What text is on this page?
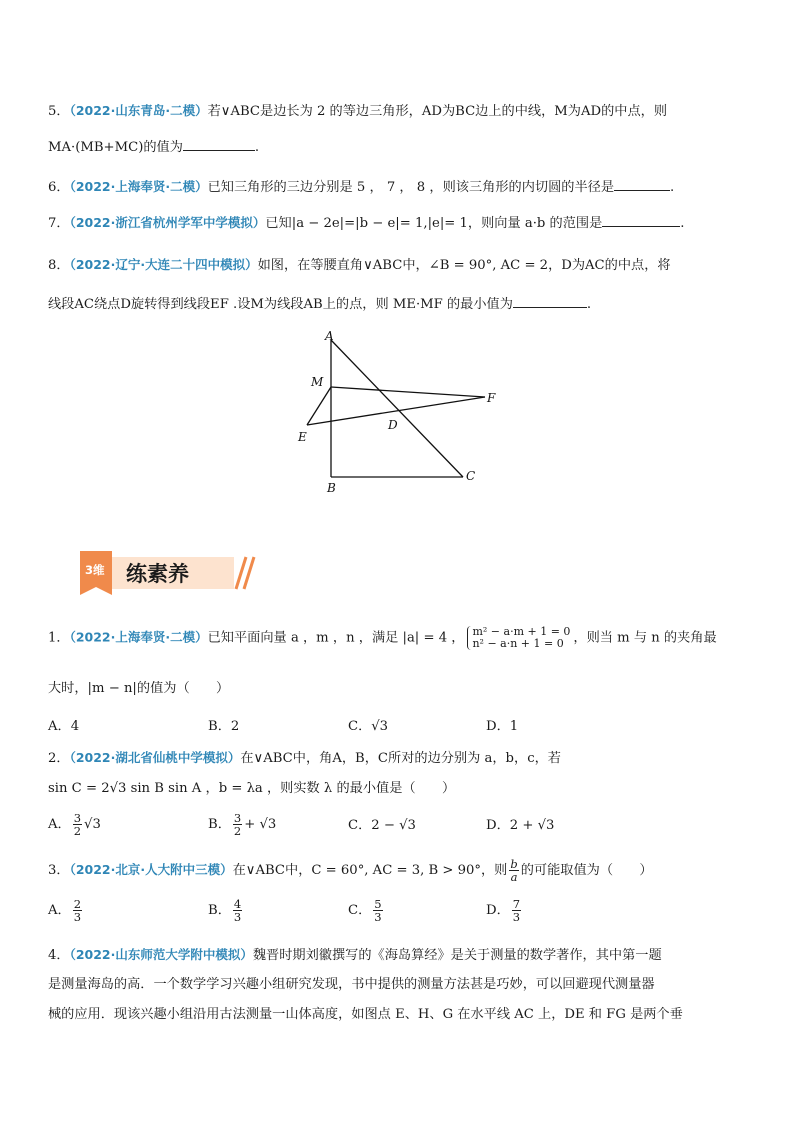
5．（2022·山东青岛·二模）若∨ABC是边长为 2 的等边三角形，AD为BC边上的中线，M为AD的中点，则
MA·(MB+MC)的值为	.
6．（2022·上海奉贤·二模）已知三角形的三边分别是 5 ， 7 ， 8 ，则该三角形的内切圆的半径是	.
7．（2022·浙江省杭州学军中学模拟）已知|a − 2e|=|b − e|= 1,|e|= 1，则向量 a·b 的范围是	.
8．（2022·辽宁·大连二十四中模拟）如图，在等腰直角∨ABC中，∠B = 90°, AC = 2，D为AC的中点，将
线段AC绕点D旋转得到线段EF .设M为线段AB上的点，则 ME·MF 的最小值为	.
A
B
C
D
E
F
M
3维 练素养
1．（2022·上海奉贤·二模）已知平面向量 a ，m ，n ，满足 |a| = 4 ， m² − a·m + 1 = 0
n² − a·n + 1 = 0 ，则当 m 与 n 的夹角最
大时，|m − n|的值为（　　）
A．4	B．2	C．√3	D．1
2．（2022·湖北省仙桃中学模拟）在∨ABC中，角A，B，C所对的边分别为 a，b，c，若
sin C = 2√3 sin B sin A ，b = λa ，则实数 λ 的最小值是（　　）
A． $\frac{3}{2} √3$	B． $\frac{3}{2} + √3$	C．2 − √3	D．2 + √3
3．（2022·北京·人大附中三模）在∨ABC中，C = 60°, AC = 3, B > 90°，则 $\frac{b}{a}$ 的可能取值为（　　）
A． $\frac{2}{3}$	B． $\frac{4}{3}$	C． $\frac{5}{3}$	D． $\frac{7}{3}$
4．（2022·山东师范大学附中模拟）魏晋时期刘徽撰写的《海岛算经》是关于测量的数学著作，其中第一题
是测量海岛的高．一个数学学习兴趣小组研究发现，书中提供的测量方法甚是巧妙，可以回避现代测量器
械的应用．现该兴趣小组沿用古法测量一山体高度，如图点 E、H、G 在水平线 AC 上，DE 和 FG 是两个垂
